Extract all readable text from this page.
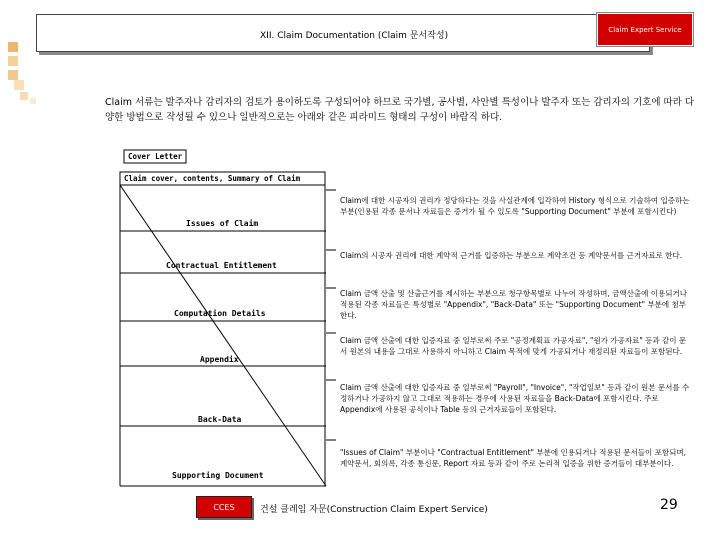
XII. Claim Documentation (Claim 문서작성)
Claim Expert Service
Claim 서류는 발주자나 감리자의 검토가 용이하도록 구성되어야 하므로 국가별, 공사별, 사안별 특성이나 발주자 또는 감리자의 기호에 따라 다양한 방법으로 작성될 수 있으나 일반적으로는 아래와 같은 피라미드 형태의 구성이 바람직 하다.
Cover Letter
Claim cover, contents, Summary of Claim
Issues of Claim
Contractual Entitlement
Computation Details
Appendix
Back-Data
Supporting Document
Claim에 대한 시공자의 권리가 정당하다는 것을 사실관계에 입각하여 History 형식으로 기술하여 입증하는 부분(인용된 각종 문서나 자료들은 증거가 될 수 있도록 "Supporting Document" 부분에 포함시킨다)
Claim의 시공자 권리에 대한 계약적 근거를 입증하는 부분으로 계약조건 등 계약문서를 근거자료로 한다.
Claim 금액 산출 및 산출근거를 제시하는 부분으로 청구항목별로 나누어 작성하며, 금액산출에 이용되거나 적용된 각종 자료들은 특성별로 "Appendix", "Back-Data" 또는 "Supporting Document" 부분에 첨부한다.
Claim 금액 산출에 대한 입증자료 중 일부로써 주로 "공정계획표 가공자료", "원가 가공자료" 등과 같이 문서 원본의 내용을 그대로 사용하지 아니하고 Claim 목적에 맞게 가공되거나 재정리된 자료들이 포함된다.
Claim 금액 산출에 대한 입증자료 중 일부로써 "Payroll", "Invoice", "작업일보" 등과 같이 원본 문서를 수정하거나 가공하지 않고 그대로 적용하는 경우에 사용된 자료들을 Back-Data에 포함시킨다. 주로 Appendix에 사용된 공식이나 Table 등의 근거자료들이 포함된다.
"Issues of Claim" 부분이나 "Contractual Entitlement" 부분에 인용되거나 적용된 문서들이 포함되며, 계약문서, 회의록, 각종 통신문, Report 자료 등과 같이 주로 논리적 입증을 위한 증거들이 대부분이다.
CCES	건설 클레임 자문(Construction Claim Expert Service)	29
